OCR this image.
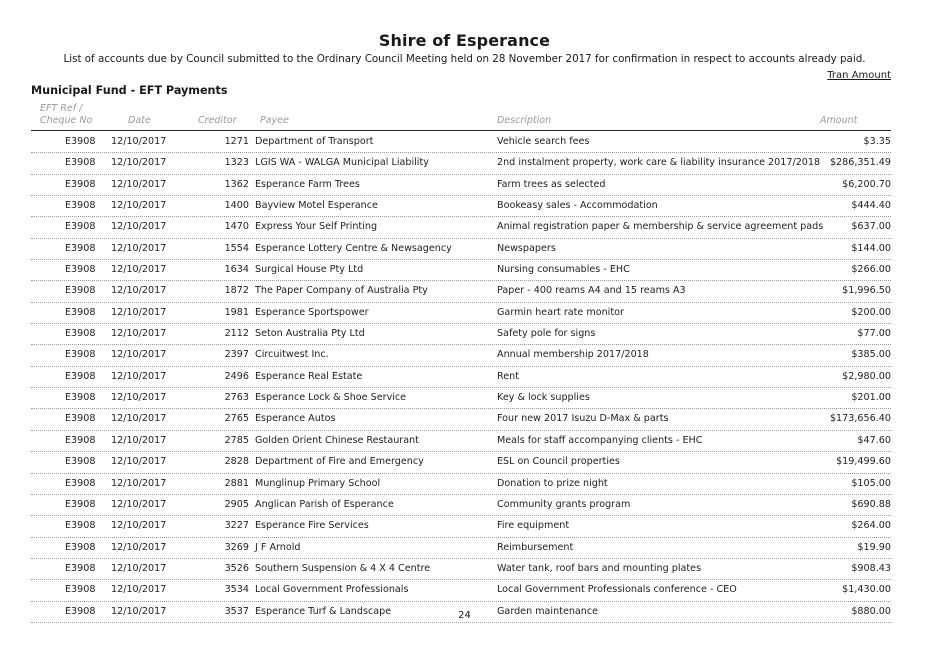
Shire of Esperance
List of accounts due by Council submitted to the Ordinary Council Meeting held on 28 November 2017 for confirmation in respect to accounts already paid.
Tran Amount
Municipal Fund - EFT Payments
EFT Ref / Cheque No	Date	Creditor Payee	Description	Amount
E3908 12/10/2017	1271 Department of Transport	Vehicle search fees	$3.35
E3908 12/10/2017	1323 LGIS WA - WALGA Municipal Liability	2nd instalment property, work care & liability insurance 2017/2018 $286,351.49
E3908 12/10/2017	1362 Esperance Farm Trees	Farm trees as selected	$6,200.70
E3908 12/10/2017	1400 Bayview Motel Esperance	Bookeasy sales - Accommodation	$444.40
E3908 12/10/2017	1470 Express Your Self Printing	Animal registration paper & membership & service agreement pads	$637.00
E3908 12/10/2017	1554 Esperance Lottery Centre & Newsagency	Newspapers	$144.00
E3908 12/10/2017	1634 Surgical House Pty Ltd	Nursing consumables - EHC	$266.00
E3908 12/10/2017	1872 The Paper Company of Australia Pty	Paper - 400 reams A4 and 15 reams A3	$1,996.50
E3908 12/10/2017	1981 Esperance Sportspower	Garmin heart rate monitor	$200.00
E3908 12/10/2017	2112 Seton Australia Pty Ltd	Safety pole for signs	$77.00
E3908 12/10/2017	2397 Circuitwest Inc.	Annual membership 2017/2018	$385.00
E3908 12/10/2017	2496 Esperance Real Estate	Rent	$2,980.00
E3908 12/10/2017	2763 Esperance Lock & Shoe Service	Key & lock supplies	$201.00
E3908 12/10/2017	2765 Esperance Autos	Four new 2017 Isuzu D-Max & parts	$173,656.40
E3908 12/10/2017	2785 Golden Orient Chinese Restaurant	Meals for staff accompanying clients - EHC	$47.60
E3908 12/10/2017	2828 Department of Fire and Emergency	ESL on Council properties	$19,499.60
E3908 12/10/2017	2881 Munglinup Primary School	Donation to prize night	$105.00
E3908 12/10/2017	2905 Anglican Parish of Esperance	Community grants program	$690.88
E3908 12/10/2017	3227 Esperance Fire Services	Fire equipment	$264.00
E3908 12/10/2017	3269 J F Arnold	Reimbursement	$19.90
E3908 12/10/2017	3526 Southern Suspension & 4 X 4 Centre	Water tank, roof bars and mounting plates	$908.43
E3908 12/10/2017	3534 Local Government Professionals	Local Government Professionals conference - CEO	$1,430.00
E3908 12/10/2017	3537 Esperance Turf & Landscape	Garden maintenance	$880.00
24
